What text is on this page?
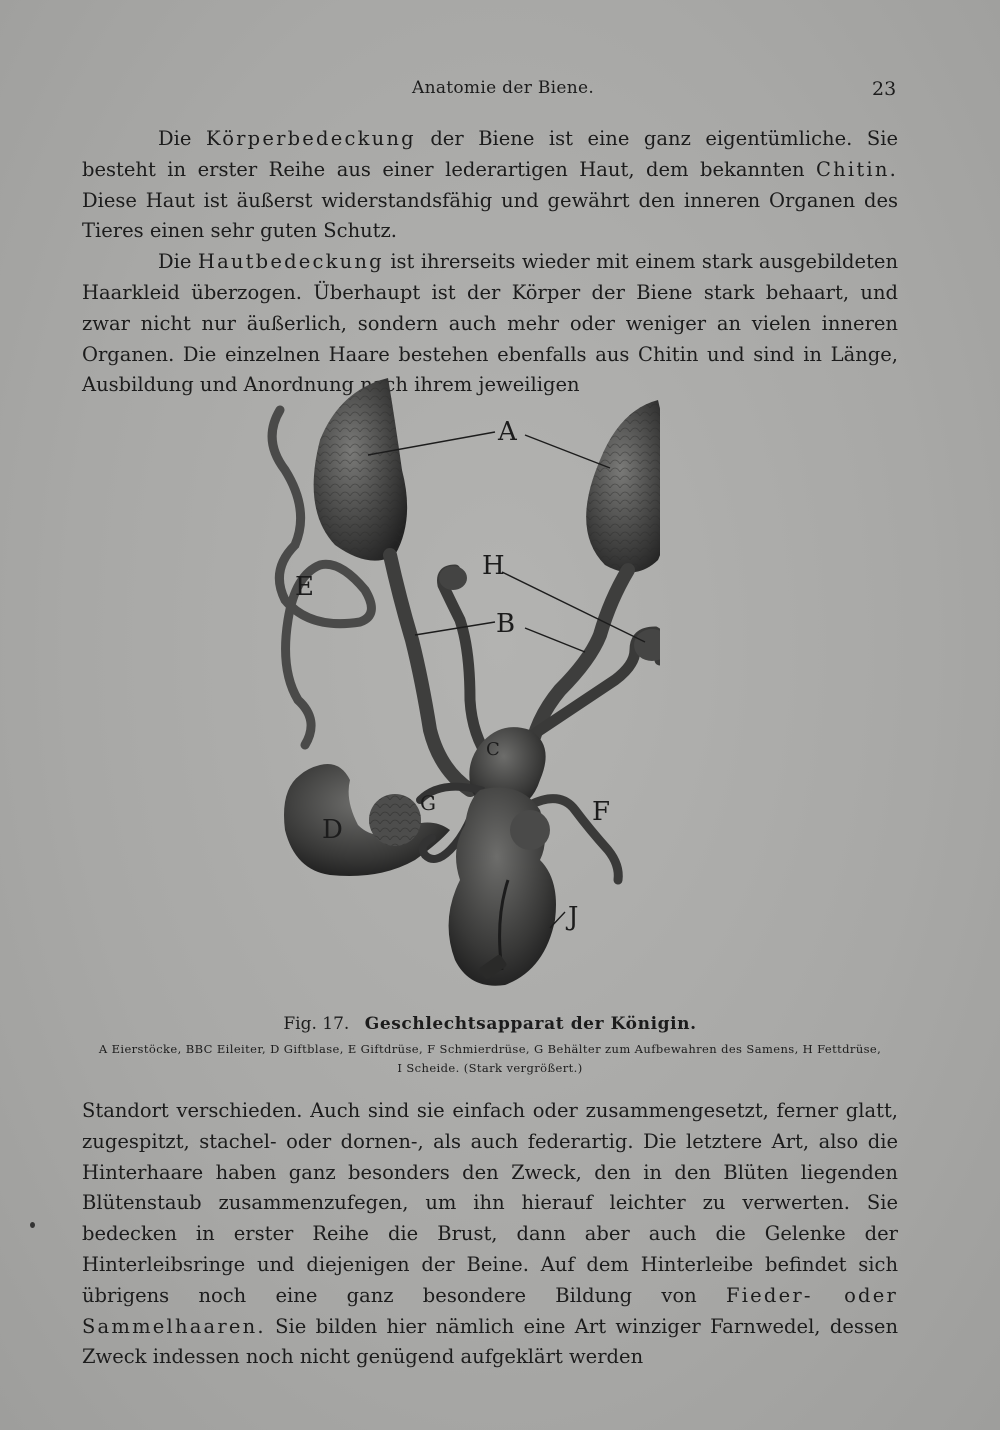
Anatomie der Biene.	23

Die Körperbedeckung der Biene ist eine ganz eigentümliche. Sie besteht in erster Reihe aus einer lederartigen Haut, dem bekannten Chitin. Diese Haut ist äußerst widerstandsfähig und gewährt den inneren Organen des Tieres einen sehr guten Schutz.

Die Hautbedeckung ist ihrerseits wieder mit einem stark ausgebildeten Haarkleid überzogen. Überhaupt ist der Körper der Biene stark behaart, und zwar nicht nur äußerlich, sondern auch mehr oder weniger an vielen inneren Organen. Die einzelnen Haare bestehen ebenfalls aus Chitin und sind in Länge, Ausbildung und Anordnung nach ihrem jeweiligen

A
B
C
D
E
F
G
H
J
Fig. 17. Geschlechtsapparat der Königin.
A Eierstöcke, BBC Eileiter, D Giftblase, E Giftdrüse, F Schmierdrüse, G Behälter zum Aufbewahren des Samens, H Fettdrüse,
I Scheide. (Stark vergrößert.)

Standort verschieden. Auch sind sie einfach oder zusammengesetzt, ferner glatt, zugespitzt, stachel- oder dornen-, als auch federartig. Die letztere Art, also die Hinterhaare haben ganz besonders den Zweck, den in den Blüten liegenden Blütenstaub zusammenzufegen, um ihn hierauf leichter zu verwerten. Sie bedecken in erster Reihe die Brust, dann aber auch die Gelenke der Hinterleibsringe und diejenigen der Beine. Auf dem Hinterleibe befindet sich übrigens noch eine ganz besondere Bildung von Fieder- oder Sammelhaaren. Sie bilden hier nämlich eine Art winziger Farnwedel, dessen Zweck indessen noch nicht genügend aufgeklärt werden
